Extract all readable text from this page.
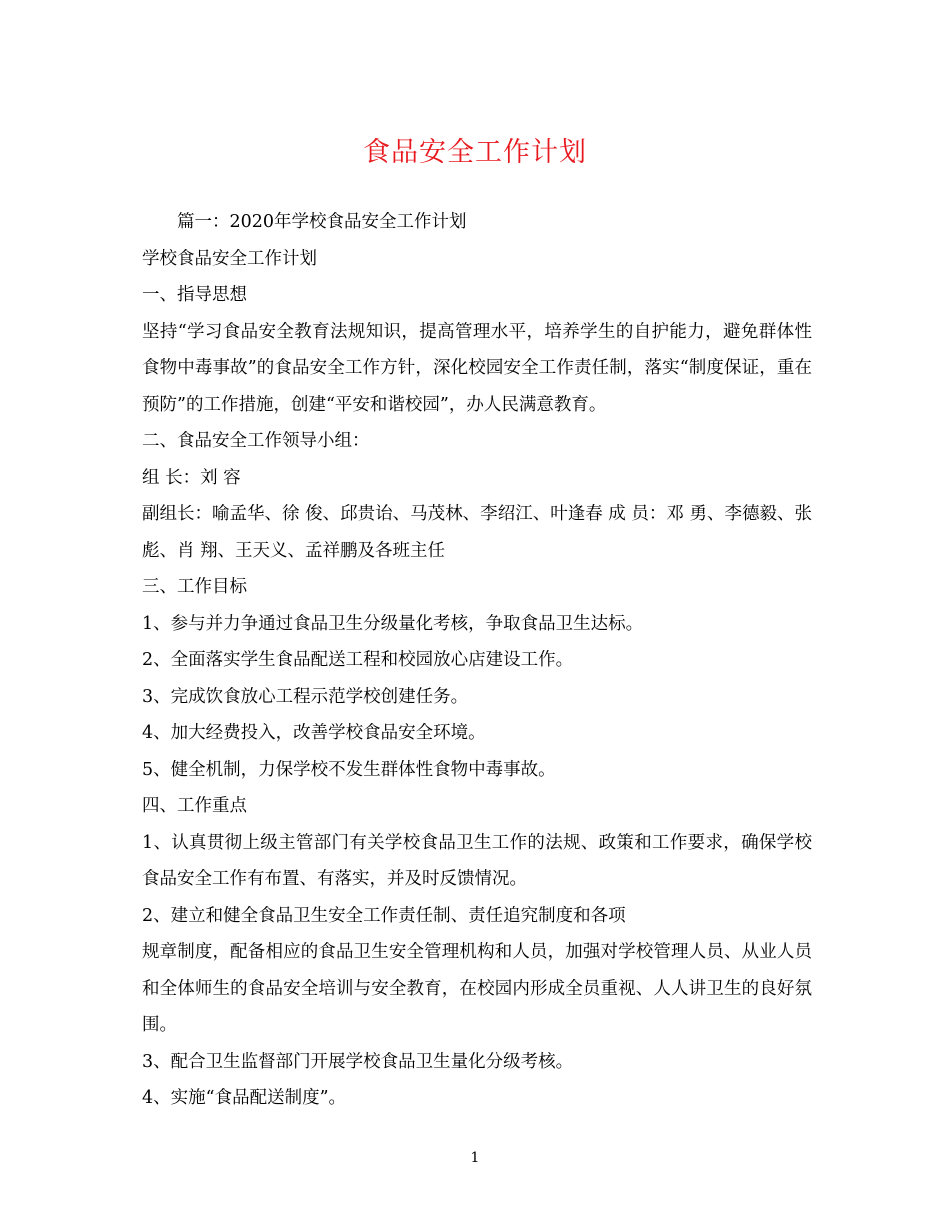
食品安全工作计划

篇一：2020年学校食品安全工作计划

学校食品安全工作计划

一、指导思想

坚持“学习食品安全教育法规知识，提高管理水平，培养学生的自护能力，避免群体性食物中毒事故”的食品安全工作方针，深化校园安全工作责任制，落实“制度保证，重在预防”的工作措施，创建“平安和谐校园”，办人民满意教育。

二、食品安全工作领导小组：

组 长：刘 容

副组长：喻孟华、徐 俊、邱贵诒、马茂林、李绍江、叶逢春 成 员：邓 勇、李德毅、张 彪、肖 翔、王天义、孟祥鹏及各班主任

三、工作目标

1、参与并力争通过食品卫生分级量化考核，争取食品卫生达标。

2、全面落实学生食品配送工程和校园放心店建设工作。

3、完成饮食放心工程示范学校创建任务。

4、加大经费投入，改善学校食品安全环境。

5、健全机制，力保学校不发生群体性食物中毒事故。

四、工作重点

1、认真贯彻上级主管部门有关学校食品卫生工作的法规、政策和工作要求，确保学校食品安全工作有布置、有落实，并及时反馈情况。

2、建立和健全食品卫生安全工作责任制、责任追究制度和各项

规章制度，配备相应的食品卫生安全管理机构和人员，加强对学校管理人员、从业人员和全体师生的食品安全培训与安全教育，在校园内形成全员重视、人人讲卫生的良好氛围。

3、配合卫生监督部门开展学校食品卫生量化分级考核。

4、实施“食品配送制度”。

1
